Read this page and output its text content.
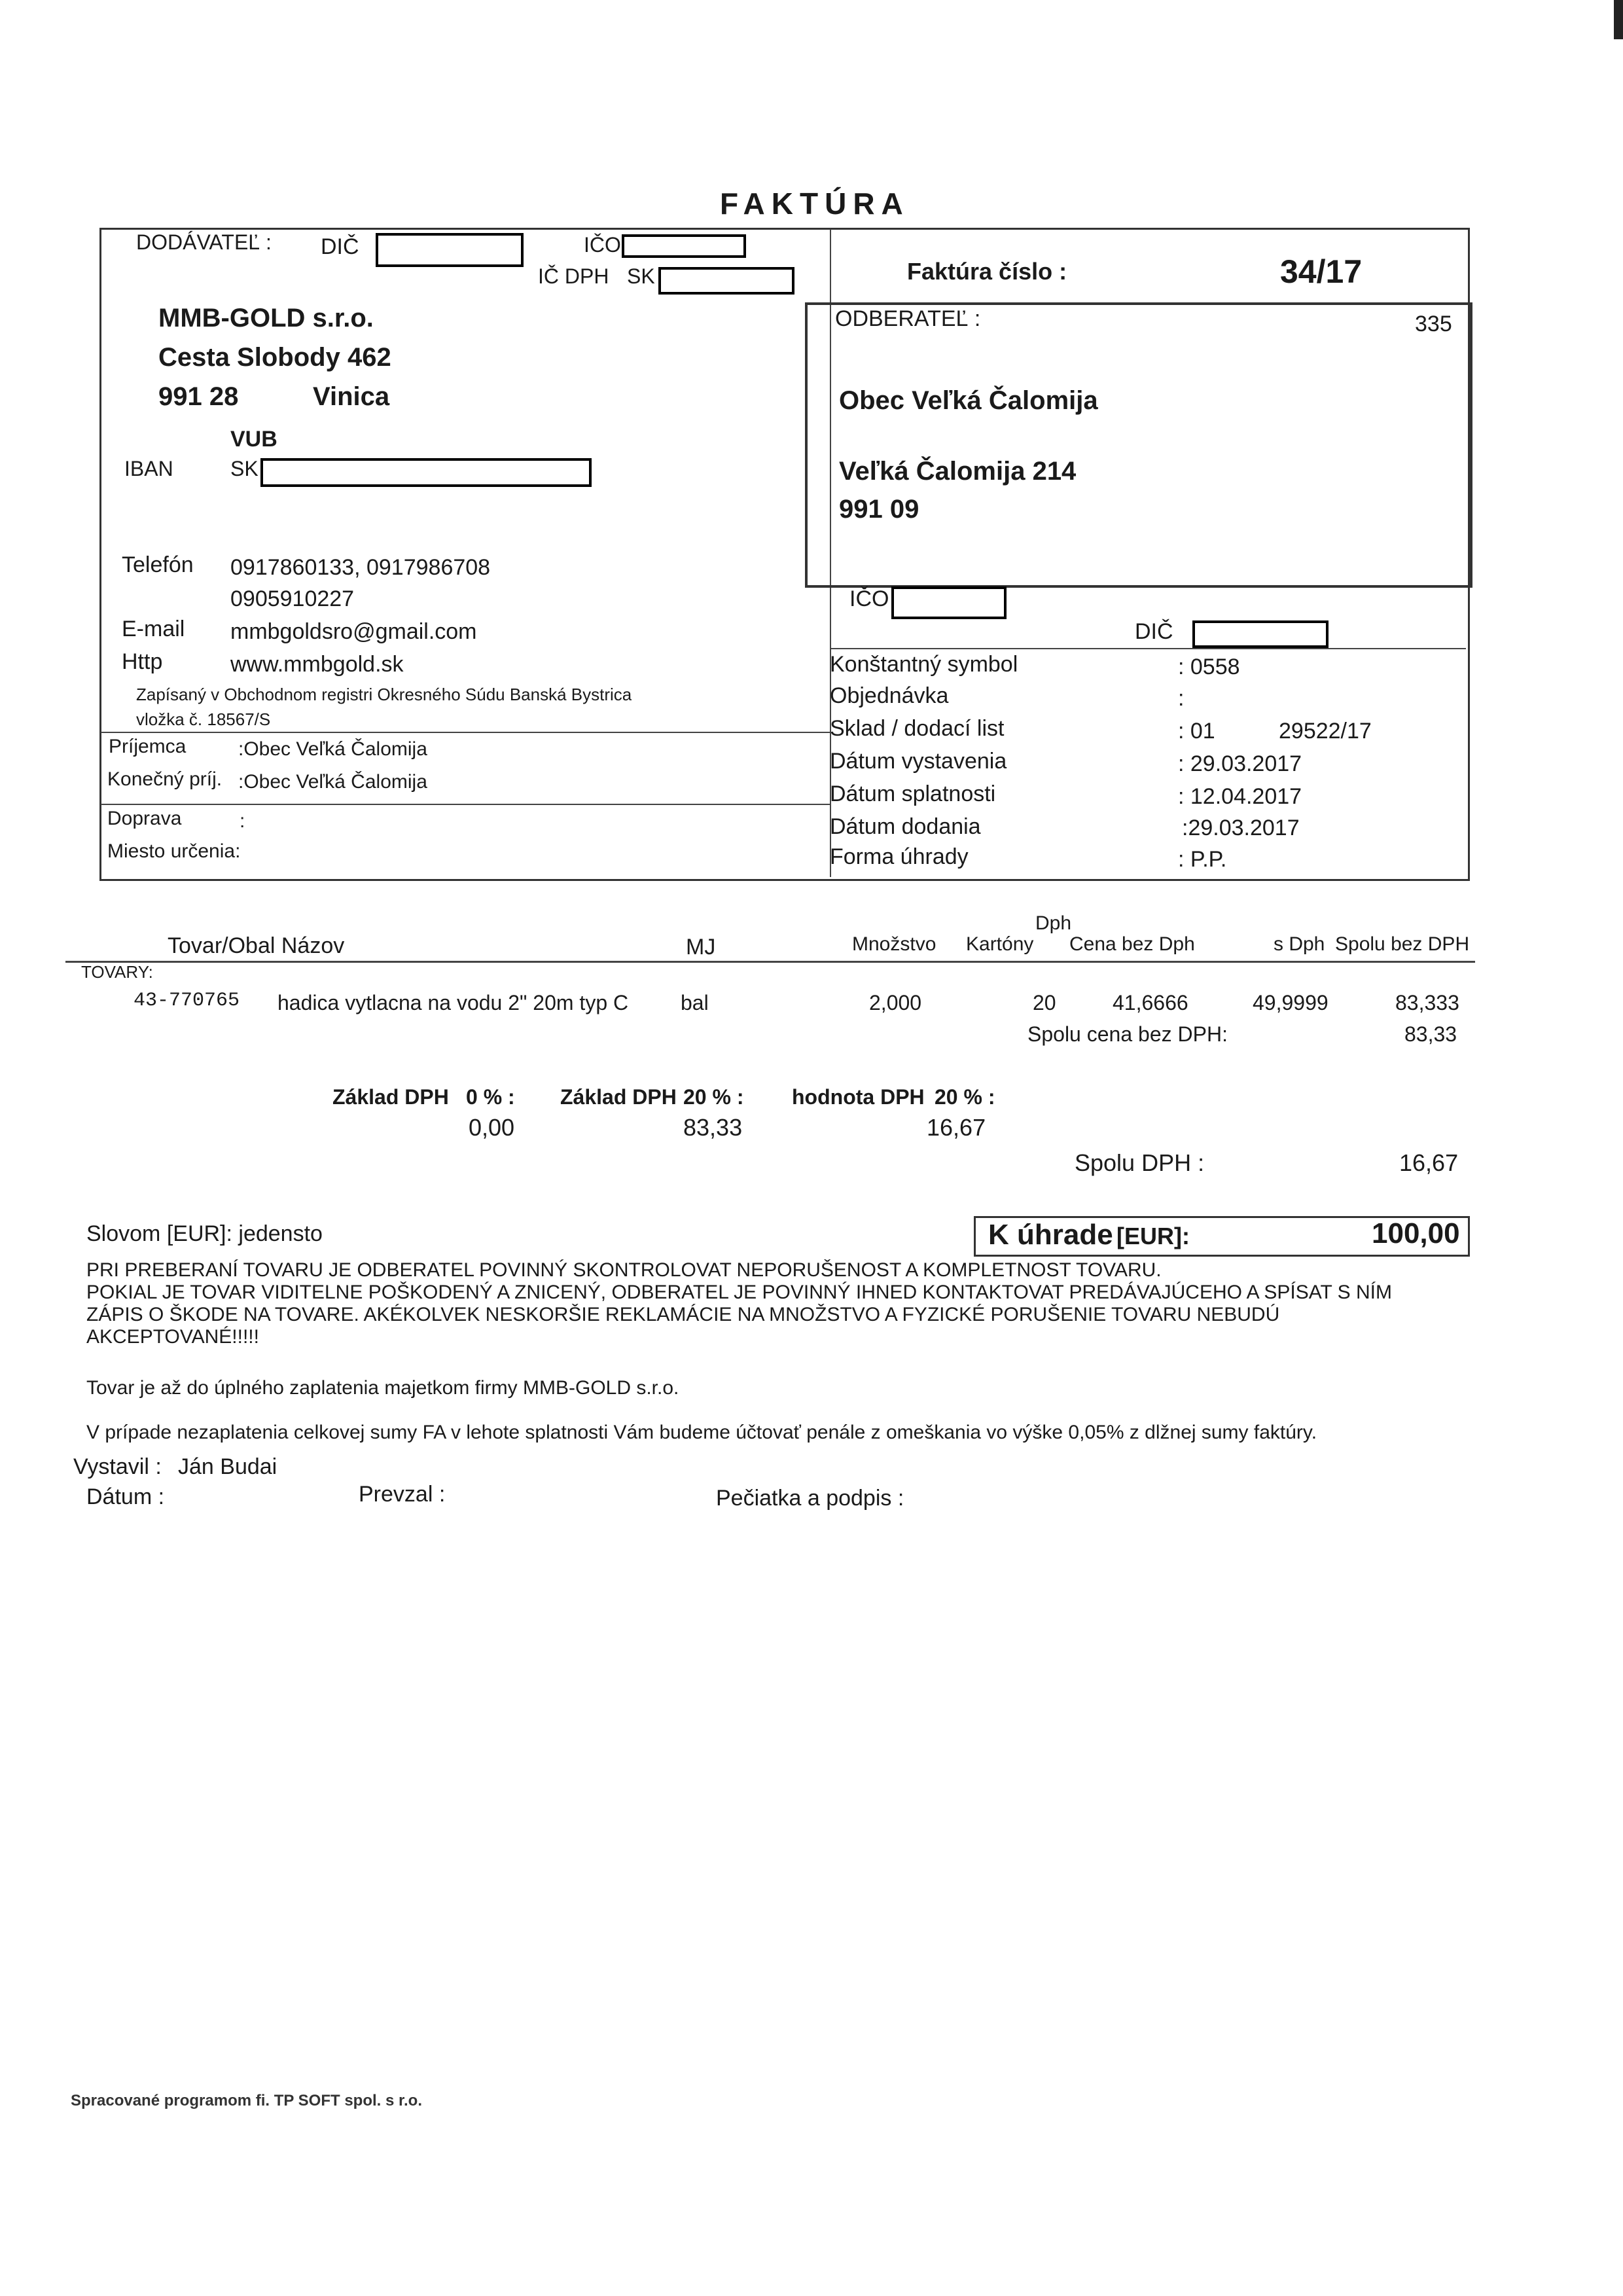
FAKTÚRA
DODÁVATEĽ : DIČ	IČO
IČ DPH SK
MMB-GOLD s.r.o.
Cesta Slobody 462
991 28	Vinica
VUB
IBAN	SK
Telefón 0917860133, 0917986708
0905910227
E-mail mmbgoldsro@gmail.com
Http	www.mmbgold.sk
Zapísaný v Obchodnom registri Okresného Súdu Banská Bystrica
vložka č. 18567/S
Príjemca	:Obec Veľká Čalomija
Konečný príj. :Obec Veľká Čalomija
Doprava	:
Miesto určenia:
Faktúra číslo :	34/17
ODBERATEĽ :	335
Obec Veľká Čalomija
Veľká Čalomija 214
991 09
IČO
DIČ
Konštantný symbol	: 0558
Objednávka	:
Sklad / dodací list	: 01	29522/17
Dátum vystavenia	: 29.03.2017
Dátum splatnosti	: 12.04.2017
Dátum dodania	:29.03.2017
Forma úhrady	: P.P.
Dph
Tovar/Obal Názov	MJ	Množstvo Kartóny Cena bez Dph	s Dph Spolu bez DPH
TOVARY:
43-770765 hadica vytlacna na vodu 2" 20m typ C bal	2,000	20	41,6666	49,9999	83,333
Spolu cena bez DPH:	83,33
Základ DPH 0 % : Základ DPH 20 % : hodnota DPH 20 % :
0,00	83,33	16,67
Spolu DPH :	16,67
Slovom [EUR]: jedensto	K úhrade [EUR]:	100,00
PRI PREBERANÍ TOVARU JE ODBERATEL POVINNÝ SKONTROLOVAT NEPORUŠENOST A KOMPLETNOST TOVARU.
POKIAL JE TOVAR VIDITELNE POŠKODENÝ A ZNICENÝ, ODBERATEL JE POVINNÝ IHNED KONTAKTOVAT PREDÁVAJÚCEHO A SPÍSAT S NÍM
ZÁPIS O ŠKODE NA TOVARE. AKÉKOLVEK NESKORŠIE REKLAMÁCIE NA MNOŽSTVO A FYZICKÉ PORUŠENIE TOVARU NEBUDÚ
AKCEPTOVANÉ!!!!!
Tovar je až do úplného zaplatenia majetkom firmy MMB-GOLD s.r.o.
V prípade nezaplatenia celkovej sumy FA v lehote splatnosti Vám budeme účtovať penále z omeškania vo výške 0,05% z dlžnej sumy faktúry.
Vystavil : Ján Budai
Dátum :	Prevzal :	Pečiatka a podpis :
Spracované programom fi. TP SOFT spol. s r.o.
